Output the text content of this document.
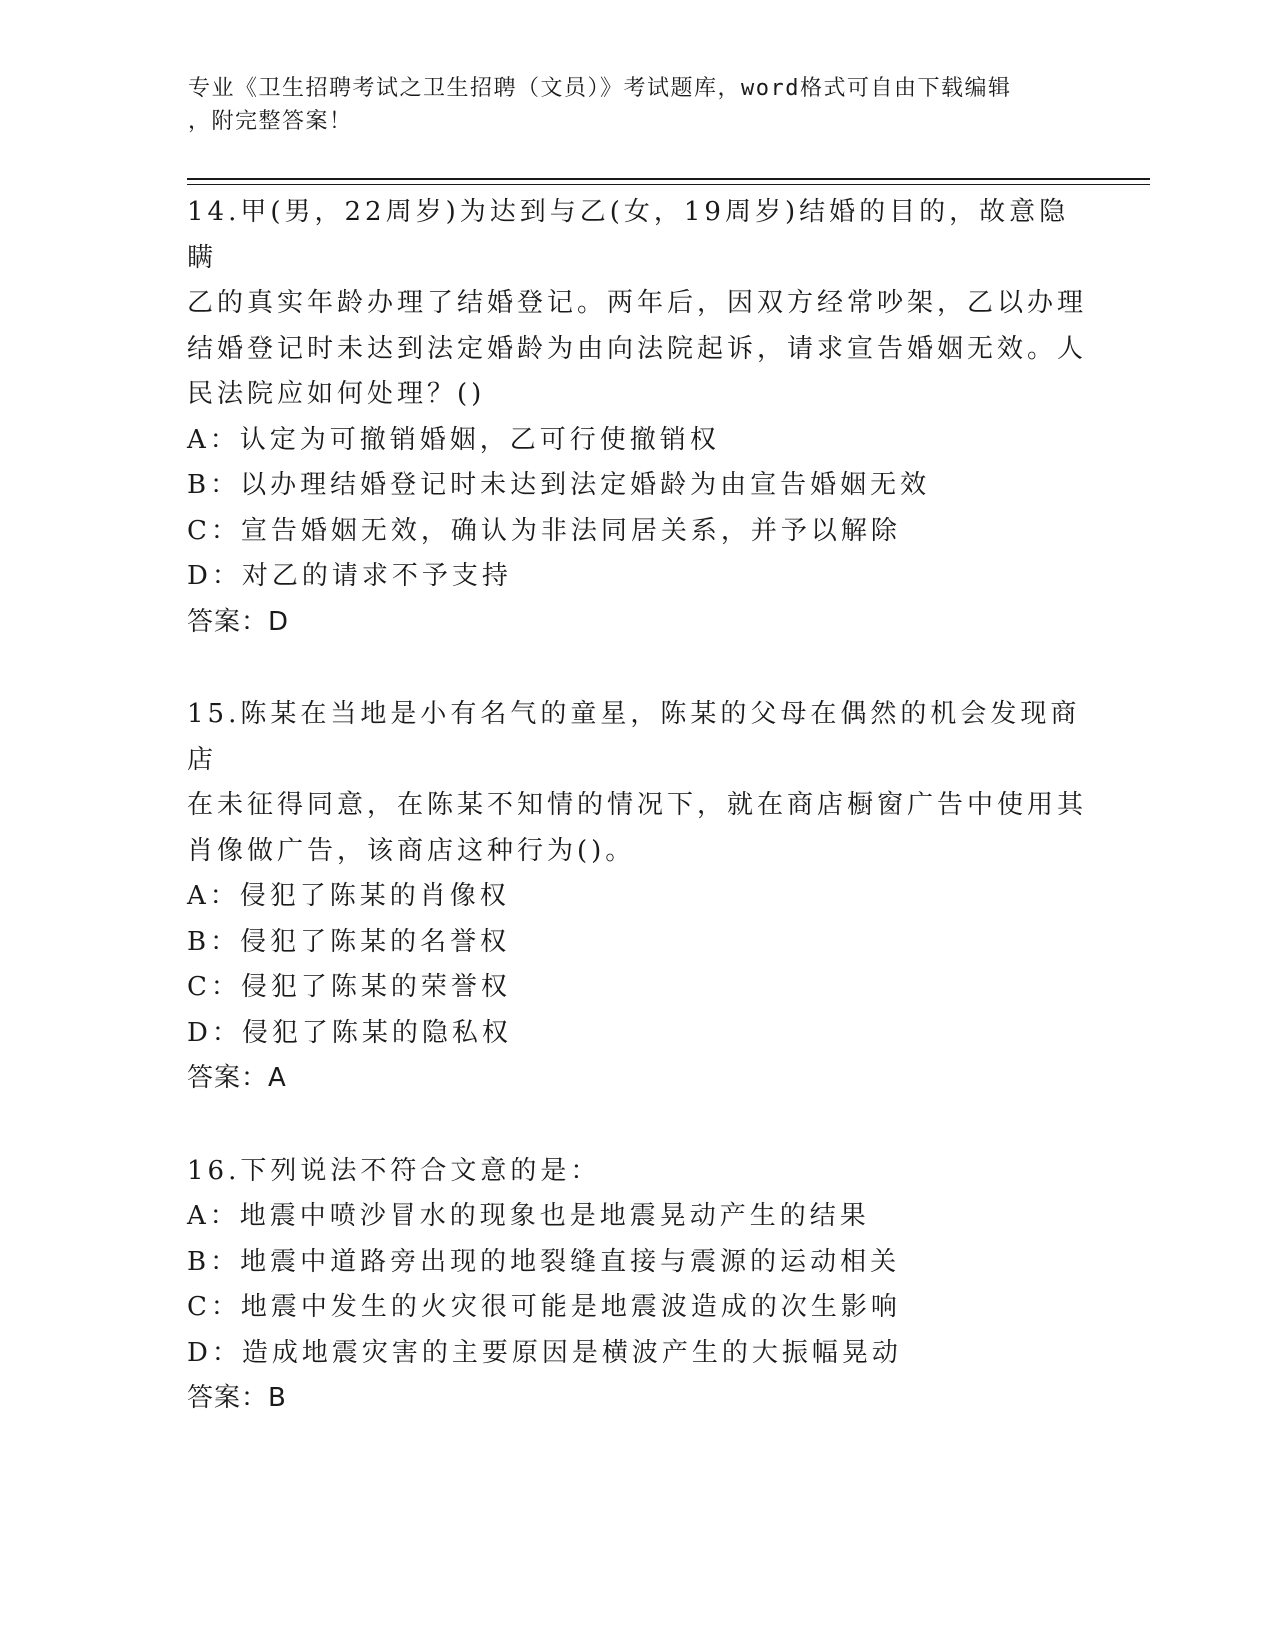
专业《卫生招聘考试之卫生招聘（文员）》考试题库，word格式可自由下载编辑
，附完整答案！

14.甲(男，22周岁)为达到与乙(女，19周岁)结婚的目的，故意隐瞒

乙的真实年龄办理了结婚登记。两年后，因双方经常吵架，乙以办理

结婚登记时未达到法定婚龄为由向法院起诉，请求宣告婚姻无效。人

民法院应如何处理？()

A：认定为可撤销婚姻，乙可行使撤销权

B：以办理结婚登记时未达到法定婚龄为由宣告婚姻无效

C：宣告婚姻无效，确认为非法同居关系，并予以解除

D：对乙的请求不予支持

答案：D

15.陈某在当地是小有名气的童星，陈某的父母在偶然的机会发现商店

在未征得同意，在陈某不知情的情况下，就在商店橱窗广告中使用其

肖像做广告，该商店这种行为()。

A：侵犯了陈某的肖像权

B：侵犯了陈某的名誉权

C：侵犯了陈某的荣誉权

D：侵犯了陈某的隐私权

答案：A

16.下列说法不符合文意的是：

A：地震中喷沙冒水的现象也是地震晃动产生的结果

B：地震中道路旁出现的地裂缝直接与震源的运动相关

C：地震中发生的火灾很可能是地震波造成的次生影响

D：造成地震灾害的主要原因是横波产生的大振幅晃动

答案：B
